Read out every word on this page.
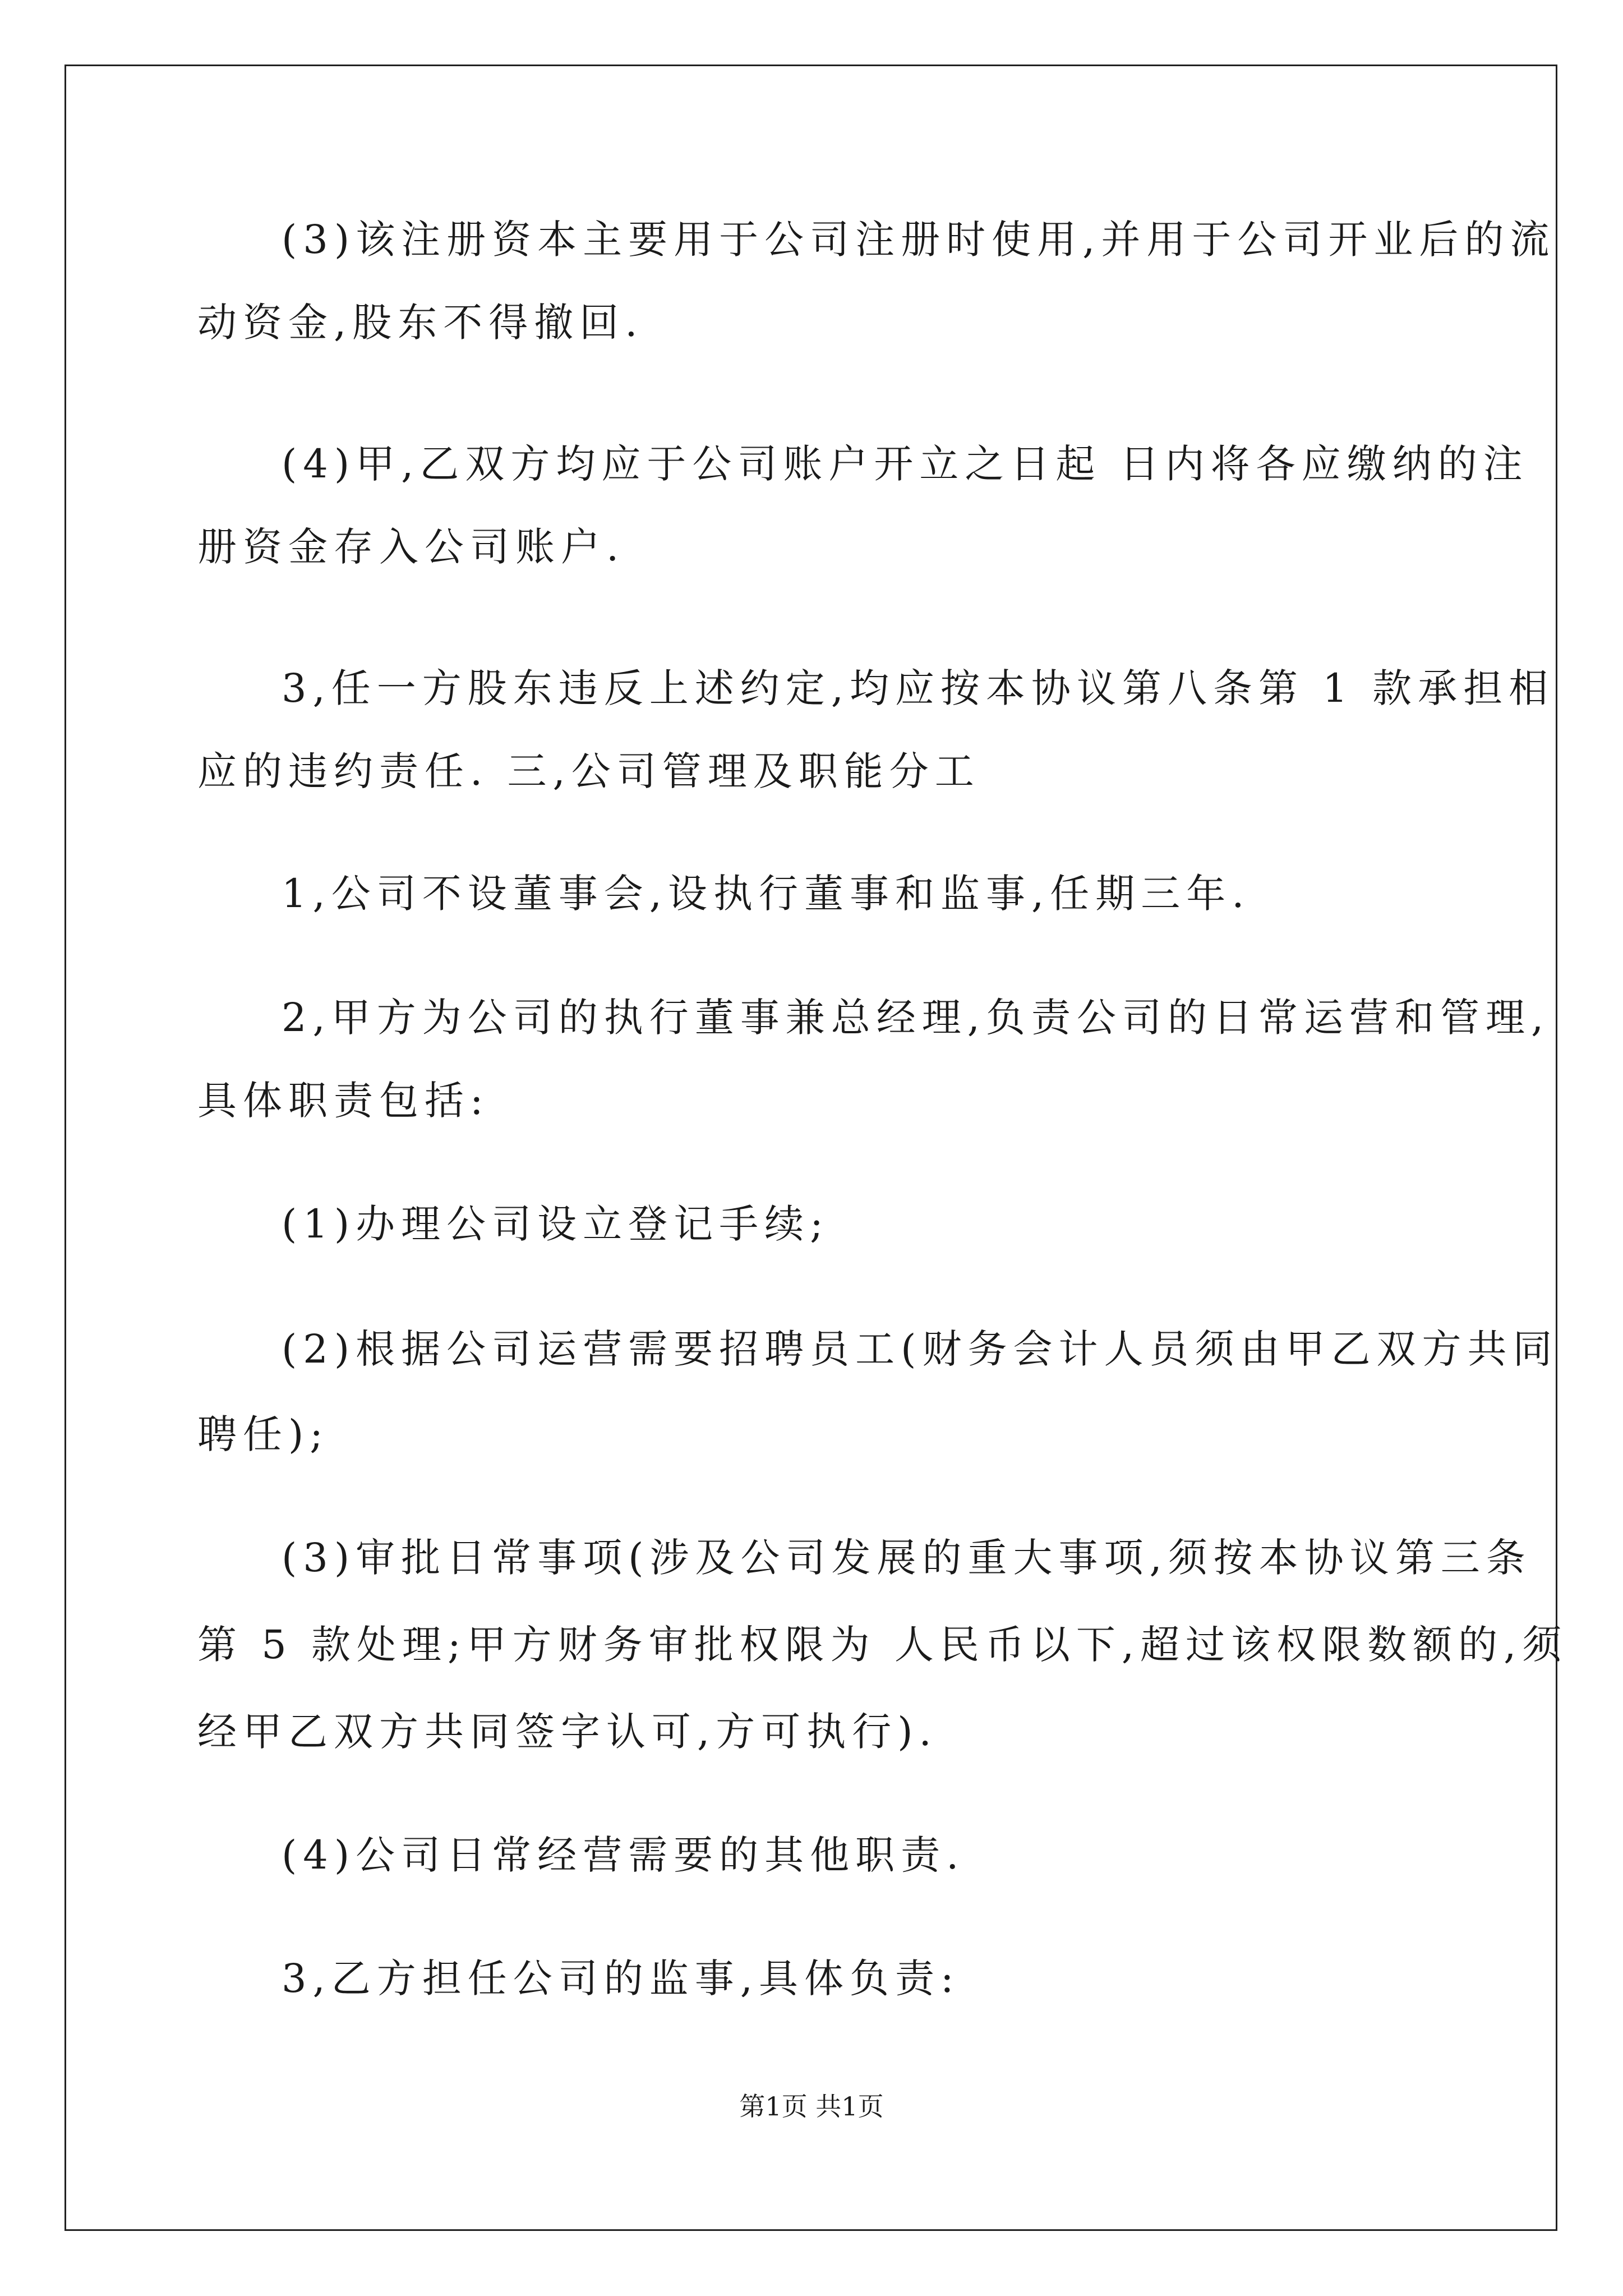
(3)该注册资本主要用于公司注册时使用,并用于公司开业后的流
动资金,股东不得撤回.
(4)甲,乙双方均应于公司账户开立之日起 日内将各应缴纳的注
册资金存入公司账户.
3,任一方股东违反上述约定,均应按本协议第八条第 1 款承担相
应的违约责任. 三,公司管理及职能分工
1,公司不设董事会,设执行董事和监事,任期三年.
2,甲方为公司的执行董事兼总经理,负责公司的日常运营和管理,
具体职责包括:
(1)办理公司设立登记手续;
(2)根据公司运营需要招聘员工(财务会计人员须由甲乙双方共同
聘任);
(3)审批日常事项(涉及公司发展的重大事项,须按本协议第三条
第 5 款处理;甲方财务审批权限为 人民币以下,超过该权限数额的,须
经甲乙双方共同签字认可,方可执行).
(4)公司日常经营需要的其他职责.
3,乙方担任公司的监事,具体负责:
第1页 共1页
